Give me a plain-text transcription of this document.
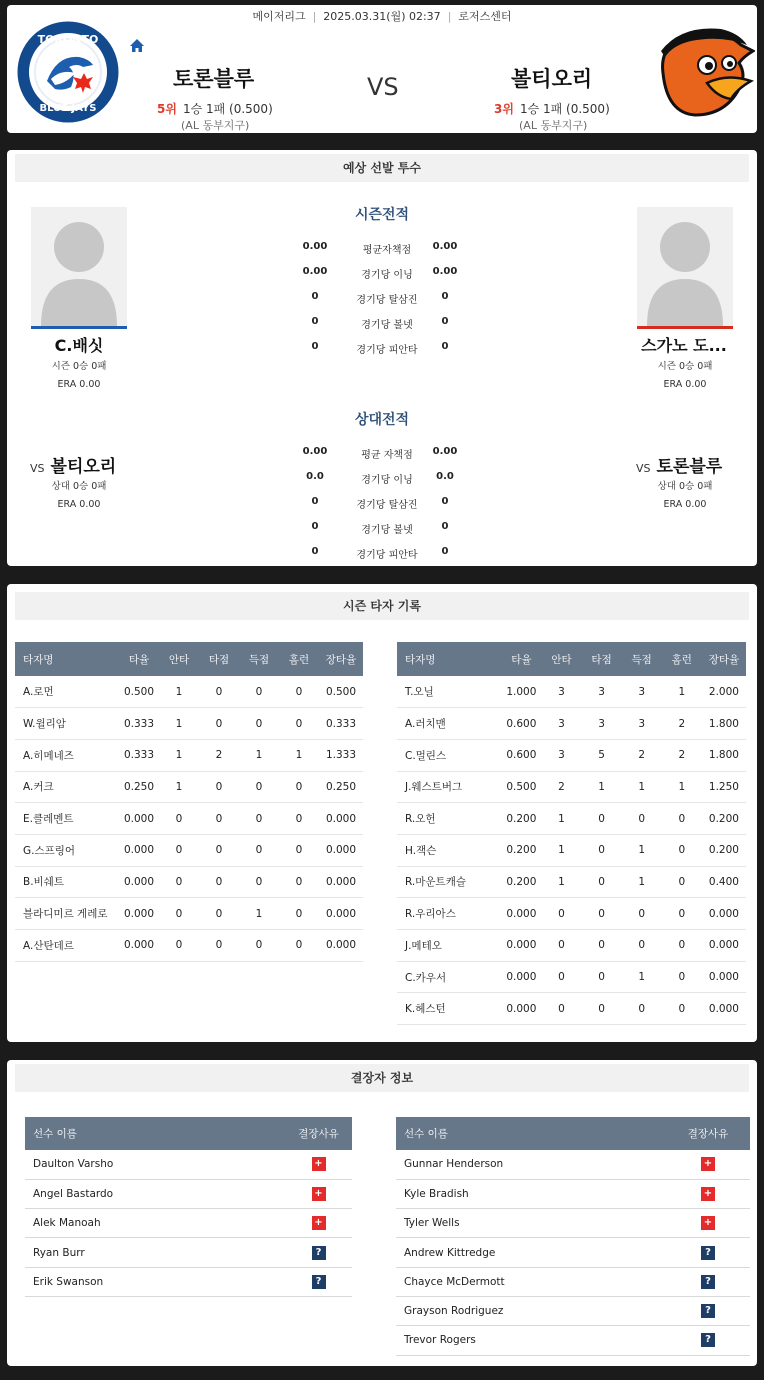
메이저리그 | 2025.03.31(월) 02:37 | 로저스센터
TORONTO
BLUE JAYS
토론블루
5위 1승 1패 (0.500)
(AL 동부지구)
VS	볼티오리
3위 1승 1패 (0.500)
(AL 동부지구)
예상 선발 투수
C.배싯
시즌 0승 0패
ERA 0.00
스가노 도...
시즌 0승 0패
ERA 0.00
시즌전적
0.00	평균자책점	0.00
0.00	경기당 이닝	0.00
0	경기당 탈삼진	0
0	경기당 볼넷	0
0	경기당 피안타	0
VS 볼티오리
상대 0승 0패
ERA 0.00
VS 토론블루
상대 0승 0패
ERA 0.00
상대전적
0.00	평균 자책점	0.00
0.0	경기당 이닝	0.0
0	경기당 탈삼진	0
0	경기당 볼넷	0
0	경기당 피안타	0
시즌 타자 기록
타자명	타율	안타	타점	득점	홈런	장타율
A.로먼	0.500	1	0	0	0	0.500
W.윌리암	0.333	1	0	0	0	0.333
A.히메네즈	0.333	1	2	1	1	1.333
A.커크	0.250	1	0	0	0	0.250
E.클레멘트	0.000	0	0	0	0	0.000
G.스프링어	0.000	0	0	0	0	0.000
B.비쉐트	0.000	0	0	0	0	0.000
블라디미르 게레로	0.000	0	0	1	0	0.000
A.산탄데르	0.000	0	0	0	0	0.000
타자명	타율	안타	타점	득점	홈런	장타율
T.오닐	1.000	3	3	3	1	2.000
A.러치맨	0.600	3	3	3	2	1.800
C.멀린스	0.600	3	5	2	2	1.800
J.웨스트버그	0.500	2	1	1	1	1.250
R.오헌	0.200	1	0	0	0	0.200
H.잭슨	0.200	1	0	1	0	0.200
R.마운트캐슬	0.200	1	0	1	0	0.400
R.우리아스	0.000	0	0	0	0	0.000
J.메테오	0.000	0	0	0	0	0.000
C.카우서	0.000	0	0	1	0	0.000
K.헤스턴	0.000	0	0	0	0	0.000
결장자 정보
선수 이름	결장사유
Daulton Varsho	+
Angel Bastardo	+
Alek Manoah	+
Ryan Burr	?
Erik Swanson	?
선수 이름	결장사유
Gunnar Henderson	+
Kyle Bradish	+
Tyler Wells	+
Andrew Kittredge	?
Chayce McDermott	?
Grayson Rodriguez	?
Trevor Rogers	?
